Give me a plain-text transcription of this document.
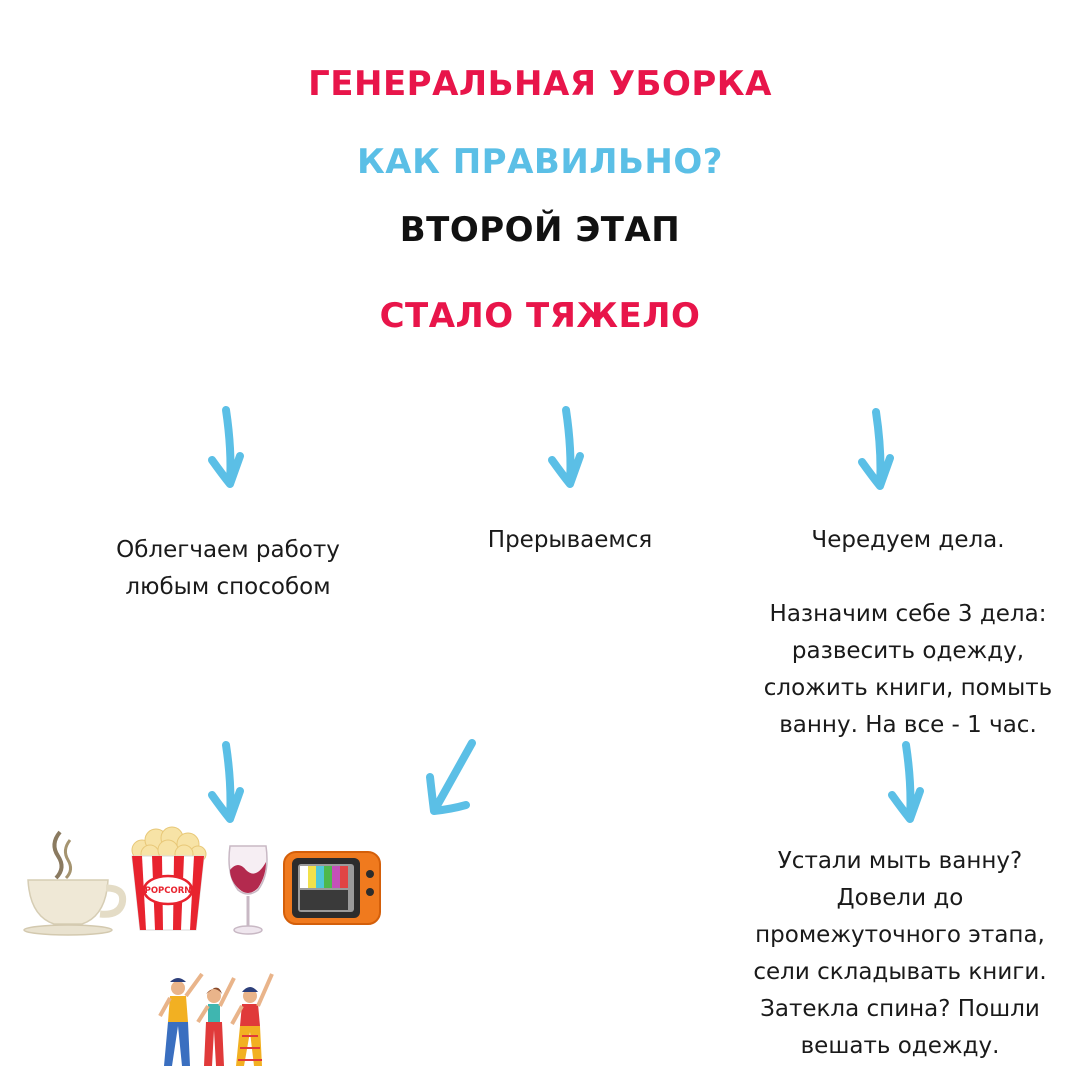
ГЕНЕРАЛЬНАЯ УБОРКА
КАК ПРАВИЛЬНО?
ВТОРОЙ ЭТАП
СТАЛО ТЯЖЕЛО
Облегчаем работу
любым способом
Прерываемся	Чередуем дела.
Назначим себе 3 дела:
развесить одежду,
сложить книги, помыть
ванну. На все - 1 час.
Устали мыть ванну?
Довели до
промежуточного этапа,
сели складывать книги.
Затекла спина? Пошли
вешать одежду.
POPCORN
